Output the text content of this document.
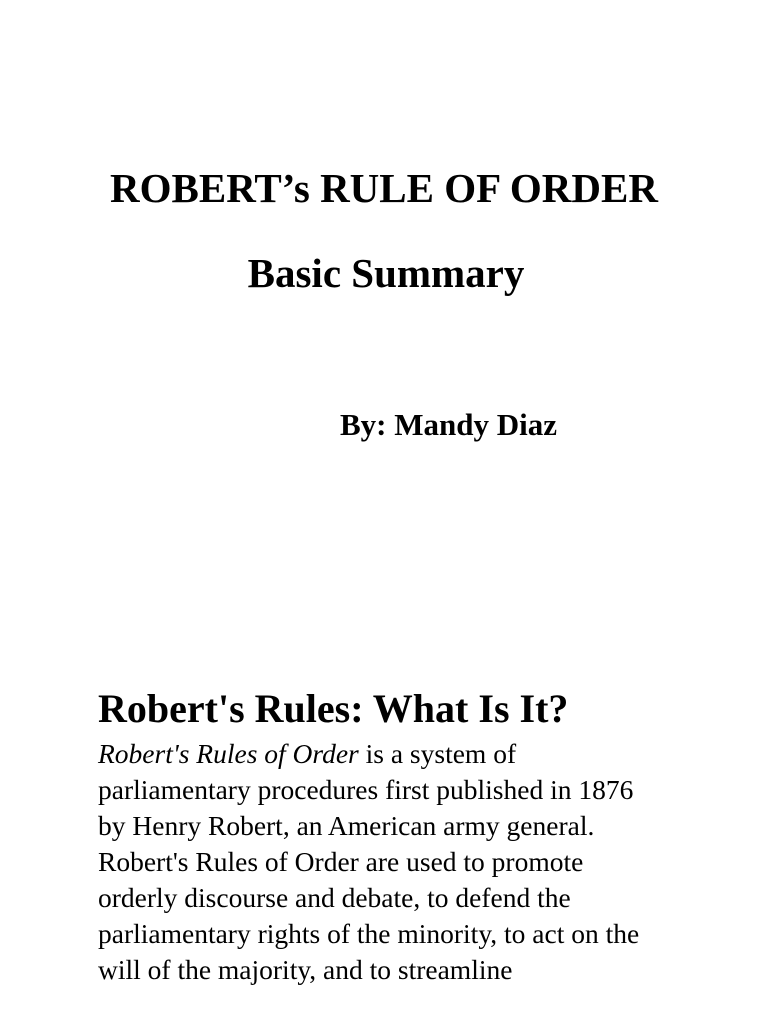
ROBERT’s RULE OF ORDER
Basic Summary

By: Mandy Diaz

Robert's Rules: What Is It?

Robert's Rules of Order is a system of parliamentary procedures first published in 1876 by Henry Robert, an American army general.

Robert's Rules of Order are used to promote orderly discourse and debate, to defend the parliamentary rights of the minority, to act on the will of the majority, and to streamline
